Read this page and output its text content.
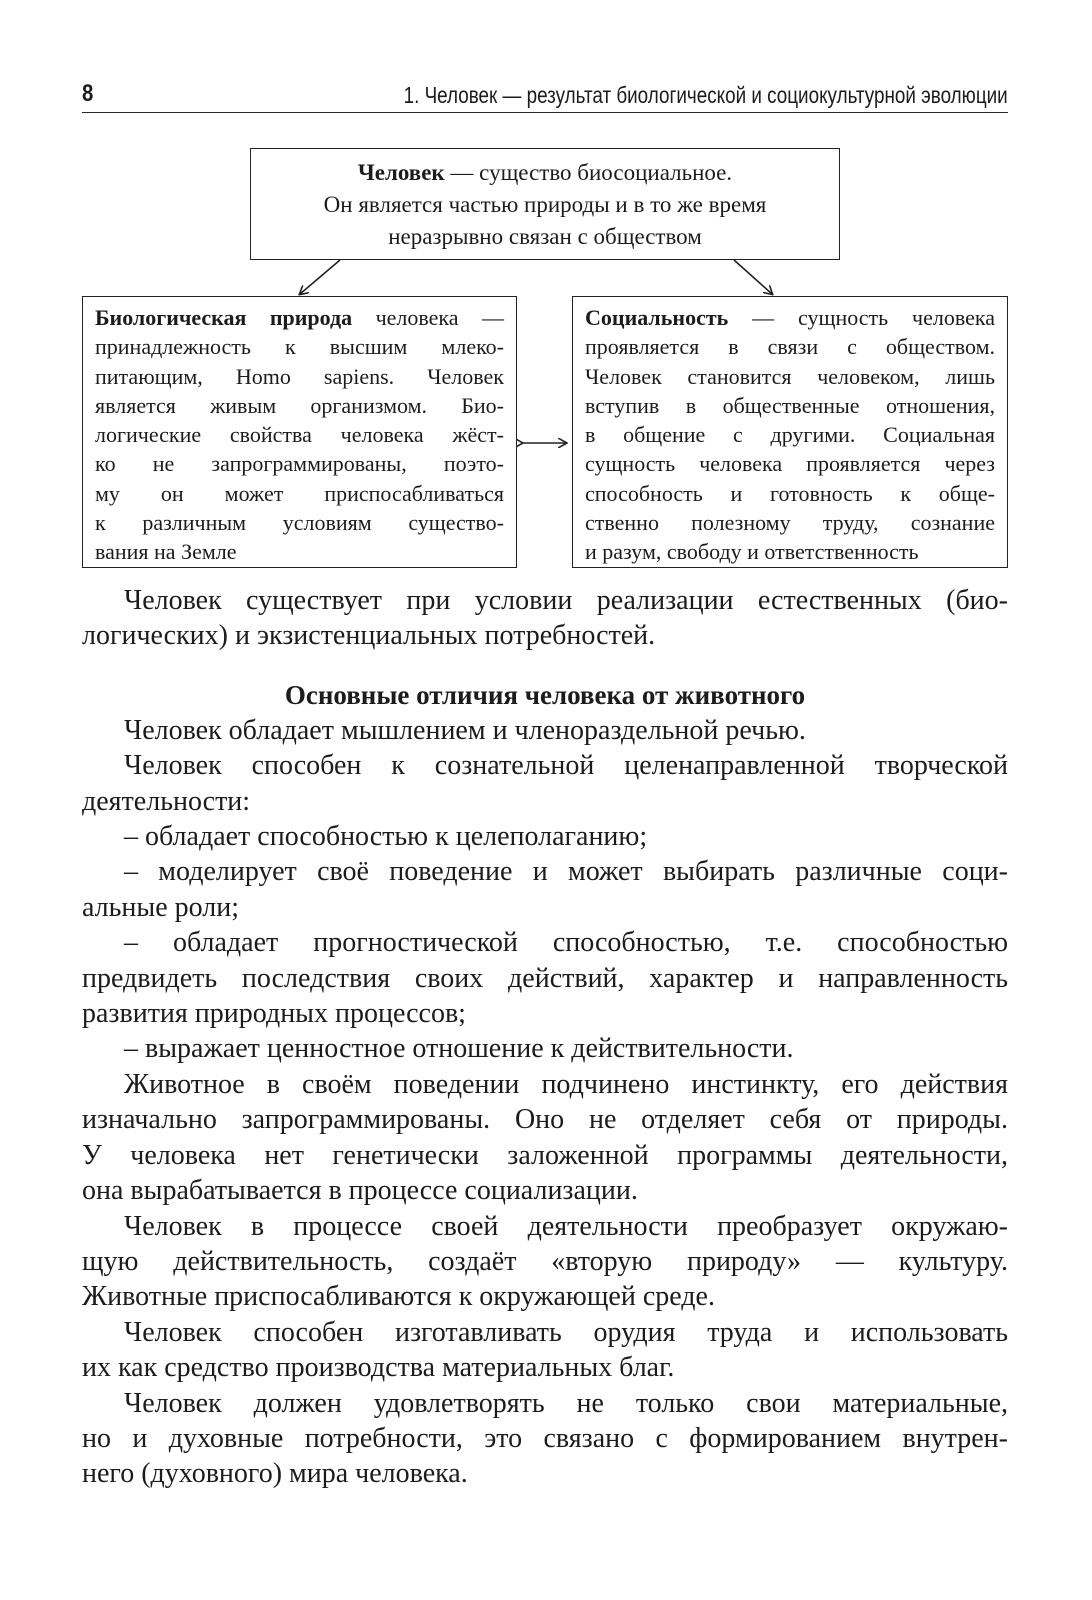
8	1. Человек — результат биологической и социокультурной эволюции
Человек — существо биосоциальное.
Он является частью природы и в то же время
неразрывно связан с обществом
Биологическая природа человека —
принадлежность к высшим млеко-
питающим, Homo sapiens. Человек
является живым организмом. Био-
логические свойства человека жёст-
ко не запрограммированы, поэто-
му он может приспосабливаться
к различным условиям существо-
вания на Земле
Социальность — сущность человека
проявляется в связи с обществом.
Человек становится человеком, лишь
вступив в общественные отношения,
в общение с другими. Социальная
сущность человека проявляется через
способность и готовность к обще-
ственно полезному труду, сознание
и разум, свободу и ответственность

Человек существует при условии реализации естественных (био-
логических) и экзистенциальных потребностей.

Основные отличия человека от животного

Человек обладает мышлением и членораздельной речью.

Человек способен к сознательной целенаправленной творческой
деятельности:

– обладает способностью к целеполаганию;

– моделирует своё поведение и может выбирать различные соци-
альные роли;

– обладает прогностической способностью, т.е. способностью
предвидеть последствия своих действий, характер и направленность
развития природных процессов;

– выражает ценностное отношение к действительности.

Животное в своём поведении подчинено инстинкту, его действия
изначально запрограммированы. Оно не отделяет себя от природы.
У человека нет генетически заложенной программы деятельности,
она вырабатывается в процессе социализации.

Человек в процессе своей деятельности преобразует окружаю-
щую действительность, создаёт «вторую природу» — культуру.
Животные приспосабливаются к окружающей среде.

Человек способен изготавливать орудия труда и использовать
их как средство производства материальных благ.

Человек должен удовлетворять не только свои материальные,
но и духовные потребности, это связано с формированием внутрен-
него (духовного) мира человека.
